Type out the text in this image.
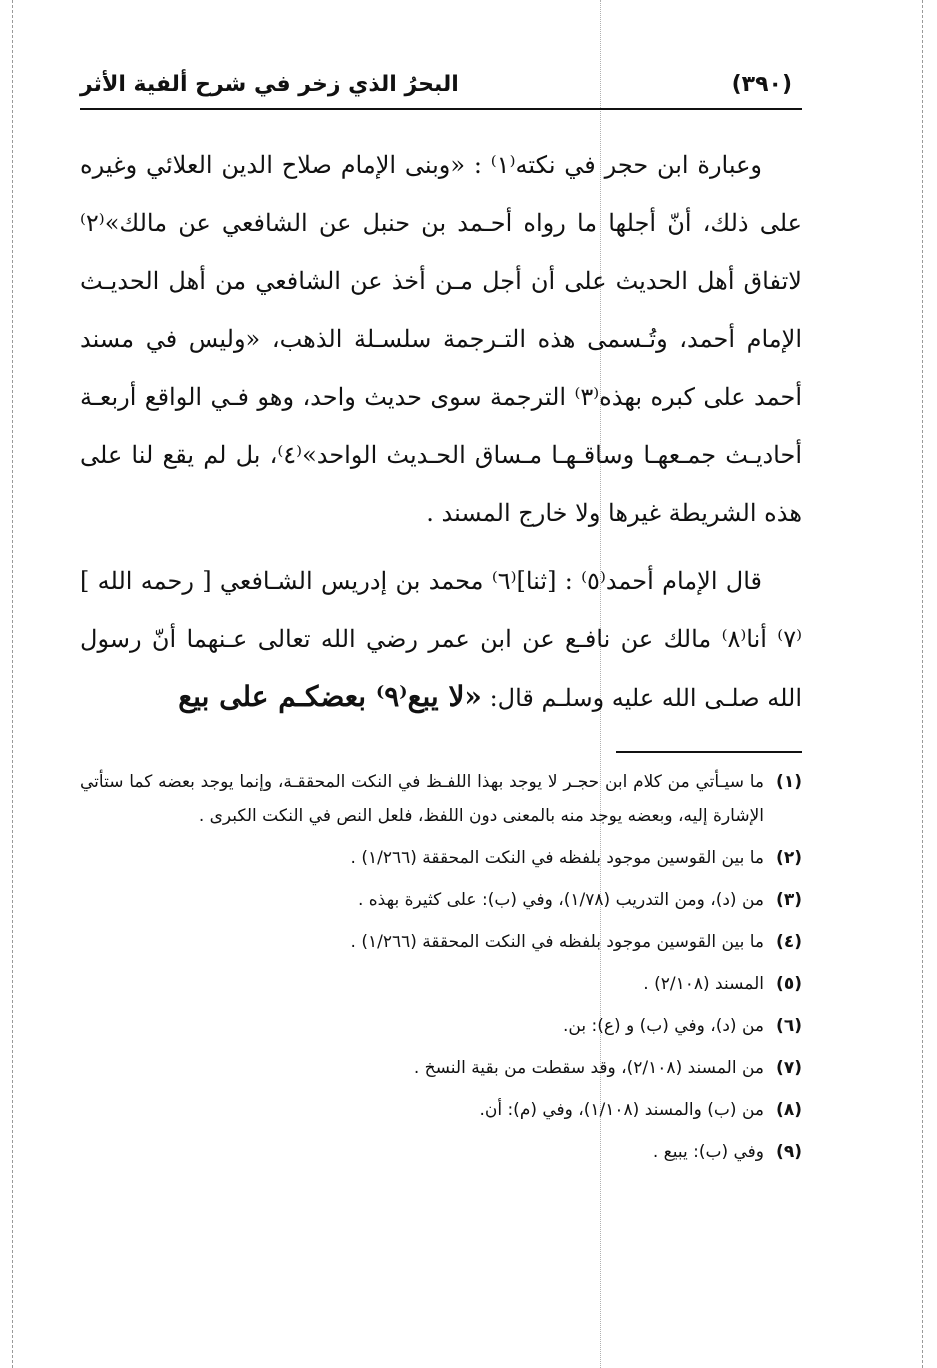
(٣٩٠)
البحرُ الذي زخر في شرح ألفية الأثر

وعبارة ابن حجر في نكته⁽١⁾ : «وبنى الإمام صلاح الدين العلائي وغيره على ذلك، أنّ أجلها ما رواه أحـمد بن حنبل عن الشافعي عن مالك»⁽٢⁾ لاتفاق أهل الحديث على أن أجل مـن أخذ عن الشافعي من أهل الحديـث الإمام أحمد، وتُـسمى هذه التـرجمة سلسـلة الذهب، «وليس في مسند أحمد على كبره بهذه⁽٣⁾ الترجمة سوى حديث واحد، وهو فـي الواقع أربعـة أحاديـث جمـعهـا وساقـهـا مـساق الحـديث الواحد»⁽٤⁾، بل لم يقع لنا على هذه الشريطة غيرها ولا خارج المسند .

قال الإمام أحمد⁽٥⁾ : [ثنا]⁽٦⁾ محمد بن إدريس الشـافعي [ رحمه الله ]⁽٧⁾ أنا⁽٨⁾ مالك عن نافـع عن ابن عمر رضي الله تعالى عـنهما أنّ رسول الله صلـى الله عليه وسلـم قال: «لا يبع⁽٩⁾ بعضكـم على بيع

(١)ما سيـأتي من كلام ابن حجـر لا يوجد بهذا اللفـظ في النكت المحققـة، وإنما يوجد بعضه كما ستأتي الإشارة إليه، وبعضه يوجد منه بالمعنى دون اللفظ، فلعل النص في النكت الكبرى .

(٢)ما بين القوسين موجود بلفظه في النكت المحققة (١/٢٦٦) .

(٣)من (د)، ومن التدريب (١/٧٨)، وفي (ب): على كثيرة بهذه .

(٤)ما بين القوسين موجود بلفظه في النكت المحققة (١/٢٦٦) .

(٥)المسند (٢/١٠٨) .

(٦)من (د)، وفي (ب) و (ع): بن.

(٧)من المسند (٢/١٠٨)، وقد سقطت من بقية النسخ .

(٨)من (ب) والمسند (١/١٠٨)، وفي (م): أن.

(٩)وفي (ب): يبيع .
